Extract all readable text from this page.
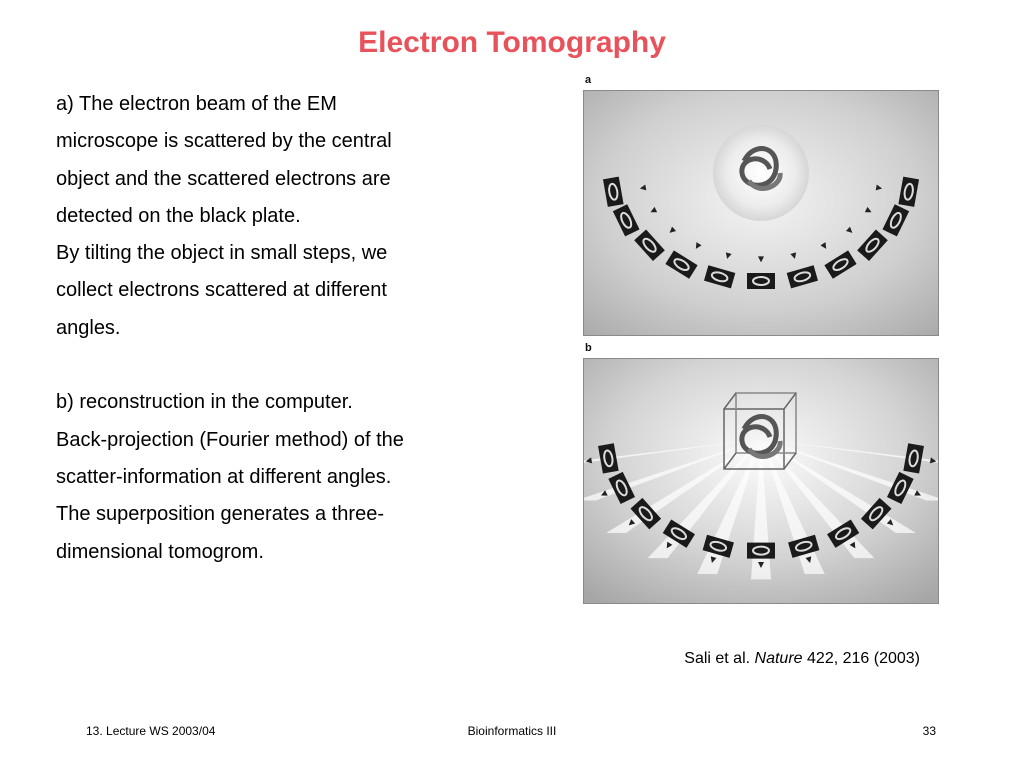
Electron Tomography
a) The electron beam of the EM
microscope is scattered by the central
object and the scattered electrons are
detected on the black plate.
By tilting the object in small steps, we
collect electrons scattered at different
angles.
b) reconstruction in the computer.
Back-projection (Fourier method) of the
scatter-information at different angles.
The superposition generates a three-
dimensional tomogrom.
a
b
Sali et al. Nature 422, 216 (2003)
13. Lecture WS 2003/04	Bioinformatics III	33
